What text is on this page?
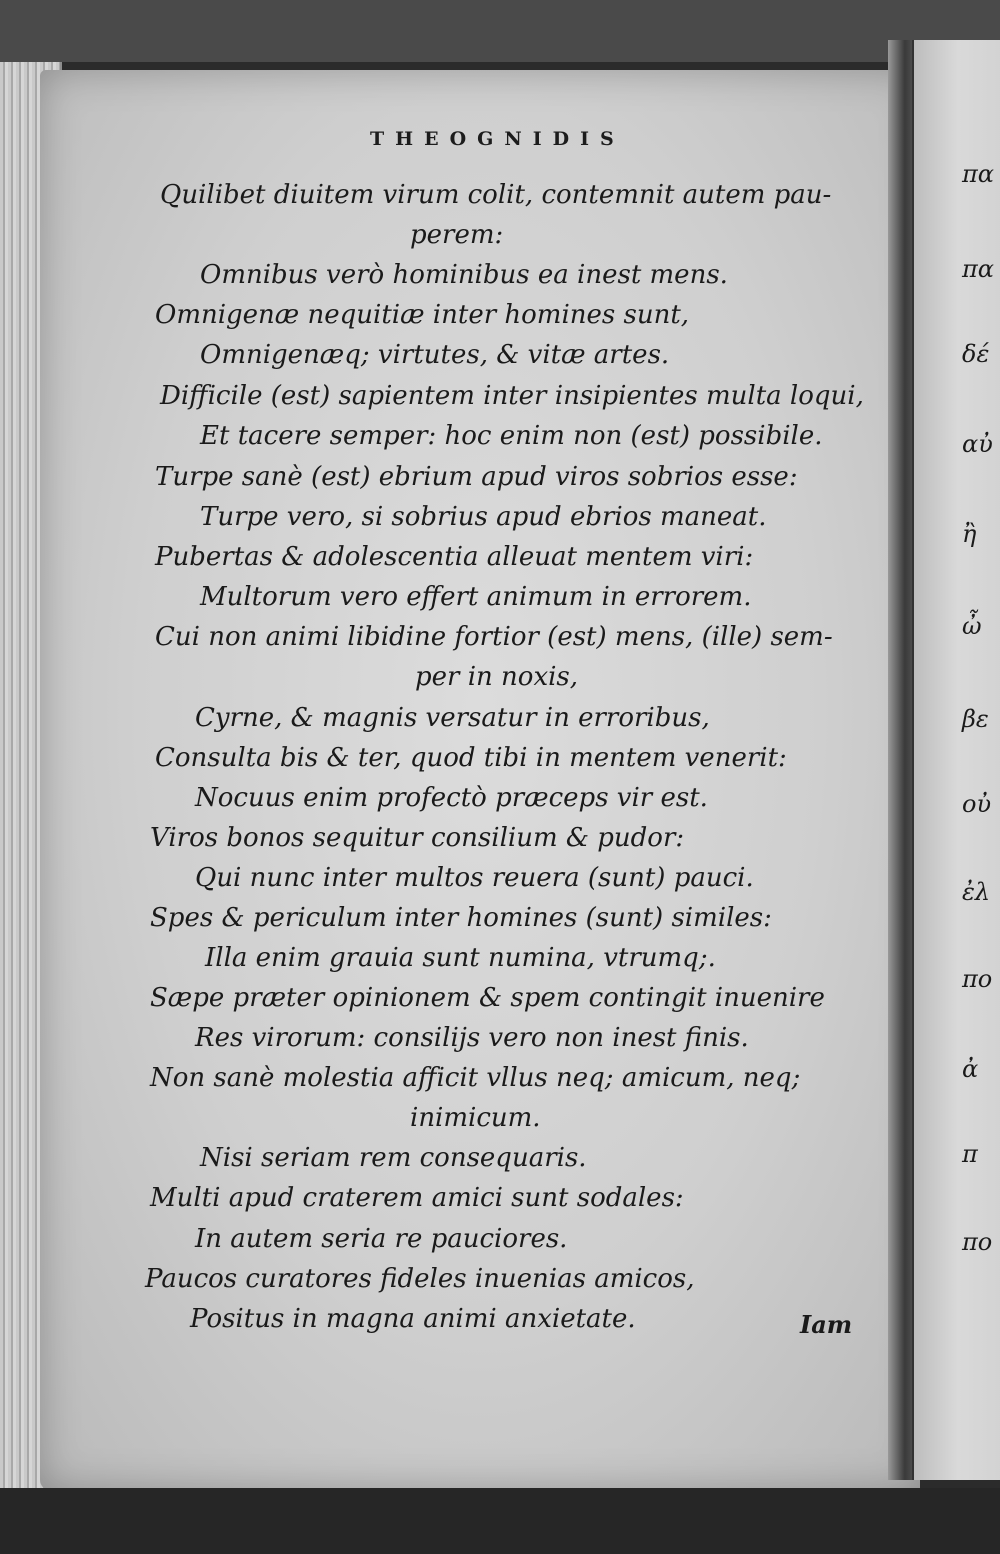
THEOGNIDIS
Quilibet diuitem virum colit, contemnit autem pau-
perem:
Omnibus verò hominibus ea inest mens.
Omnigenæ nequitiæ inter homines sunt,
Omnigenæq; virtutes, & vitæ artes.
Difficile (est) sapientem inter insipientes multa loqui,
Et tacere semper: hoc enim non (est) possibile.
Turpe sanè (est) ebrium apud viros sobrios esse:
Turpe vero, si sobrius apud ebrios maneat.
Pubertas & adolescentia alleuat mentem viri:
Multorum vero effert animum in errorem.
Cui non animi libidine fortior (est) mens, (ille) sem-
per in noxis,
Cyrne, & magnis versatur in erroribus,
Consulta bis & ter, quod tibi in mentem venerit:
Nocuus enim profectò præceps vir est.
Viros bonos sequitur consilium & pudor:
Qui nunc inter multos reuera (sunt) pauci.
Spes & periculum inter homines (sunt) similes:
Illa enim grauia sunt numina, vtrumq;.
Sæpe præter opinionem & spem contingit inuenire
Res virorum: consilijs vero non inest finis.
Non sanè molestia afficit vllus neq; amicum, neq;
inimicum.
Nisi seriam rem consequaris.
Multi apud craterem amici sunt sodales:
In autem seria re pauciores.
Paucos curatores fideles inuenias amicos,
Positus in magna animi anxietate.	Iam
πα
πα
δέ
αὐ
ἢ
ὦ
βε
οὐ
ἐλ
πο
ἀ
π
πο
